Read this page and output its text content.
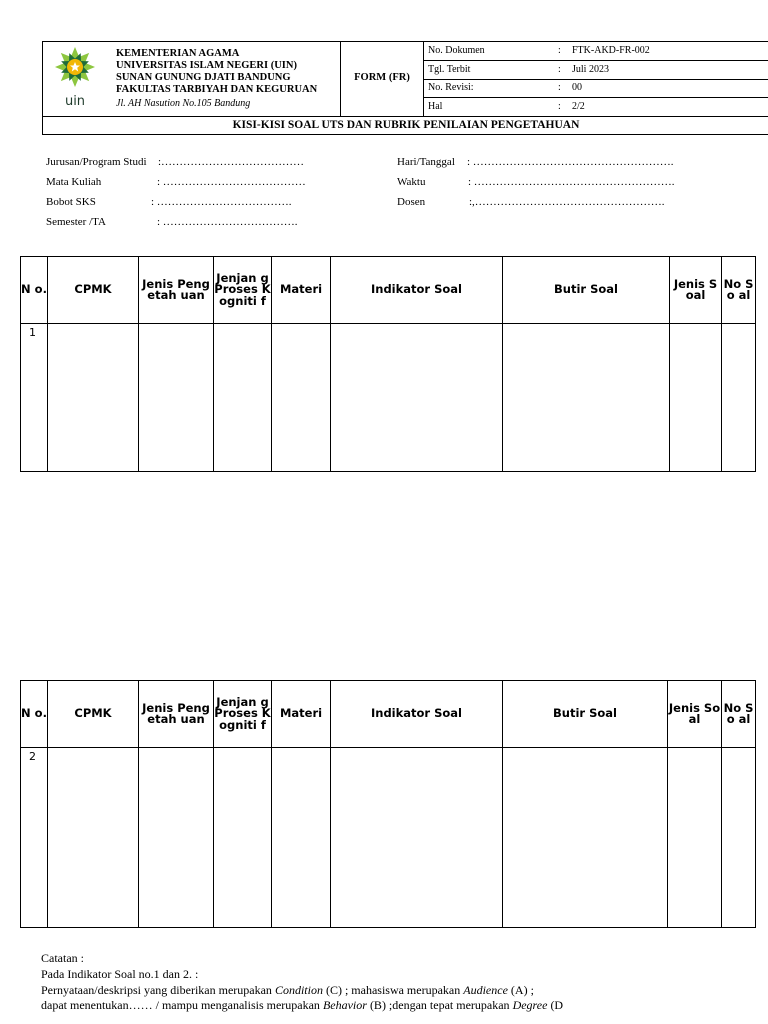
uin
KEMENTERIAN AGAMA
UNIVERSITAS ISLAM NEGERI (UIN)
SUNAN GUNUNG DJATI BANDUNG
FAKULTAS TARBIYAH DAN KEGURUAN
Jl. AH Nasution No.105 Bandung
FORM (FR)
No. Dokumen	: FTK-AKD-FR-002
Tgl. Terbit	: Juli 2023
No. Revisi:	: 00
Hal	: 2/2
KISI-KISI SOAL UTS DAN RUBRIK PENILAIAN PENGETAHUAN
Jurusan/Program Studi :…………………………………
Mata Kuliah	: …………………………………
Bobot SKS	: ……………………………….
Semester /TA	: ……………………………….
Hari/Tanggal : ……………………………………………….
Waktu	: ……………………………………………….
Dosen	:,…………………………………………….
N o.	CPMK	Jenis Pengetah uan	Jenjan g Proses Kogniti f	Materi	Indikator Soal	Butir Soal	Jenis Soal	No So al
1								
N o.	CPMK	Jenis Pengetah uan	Jenjan g Proses Kogniti f	Materi	Indikator Soal	Butir Soal	Jenis Soal	No So al
2								
Catatan :
Pada Indikator Soal no.1 dan 2. :
Pernyataan/deskripsi yang diberikan merupakan Condition (C) ; mahasiswa merupakan Audience (A) ;
dapat menentukan…… / mampu menganalisis merupakan Behavior (B) ;dengan tepat merupakan Degree (D
